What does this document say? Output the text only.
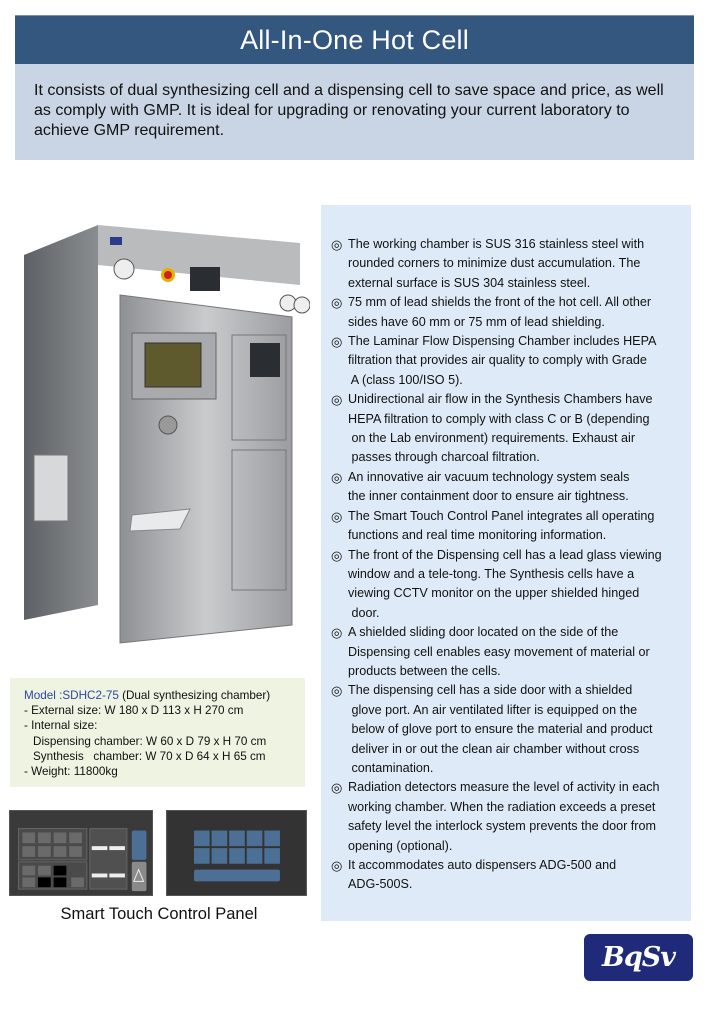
All-In-One Hot Cell
It consists of dual synthesizing cell and a dispensing cell to save space and price, as well as comply with GMP. It is ideal for upgrading or renovating your current laboratory to achieve GMP requirement.
Model :SDHC2-75 (Dual synthesizing chamber)
- External size: W 180 x D 113 x H 270 cm
- Internal size:
Dispensing chamber: W 60 x D 79 x H 70 cm
Synthesis   chamber: W 70 x D 64 x H 65 cm
- Weight: 11800kg
Smart Touch Control Panel
◎ The working chamber is SUS 316 stainless steel with
rounded corners to minimize dust accumulation. The
external surface is SUS 304 stainless steel.
◎ 75 mm of lead shields the front of the hot cell. All other
sides have 60 mm or 75 mm of lead shielding.
◎ The Laminar Flow Dispensing Chamber includes HEPA
filtration that provides air quality to comply with Grade
A (class 100/ISO 5).
◎ Unidirectional air flow in the Synthesis Chambers have
HEPA filtration to comply with class C or B (depending
on the Lab environment) requirements. Exhaust air
passes through charcoal filtration.
◎ An innovative air vacuum technology system seals
the inner containment door to ensure air tightness.
◎ The Smart Touch Control Panel integrates all operating
functions and real time monitoring information.
◎ The front of the Dispensing cell has a lead glass viewing
window and a tele-tong. The Synthesis cells have a
viewing CCTV monitor on the upper shielded hinged
door.
◎ A shielded sliding door located on the side of the
Dispensing cell enables easy movement of material or
products between the cells.
◎ The dispensing cell has a side door with a shielded
glove port. An air ventilated lifter is equipped on the
below of glove port to ensure the material and product
deliver in or out the clean air chamber without cross
contamination.
◎ Radiation detectors measure the level of activity in each
working chamber. When the radiation exceeds a preset
safety level the interlock system prevents the door from
opening (optional).
◎ It accommodates auto dispensers ADG-500 and
ADG-500S.
BqSv
